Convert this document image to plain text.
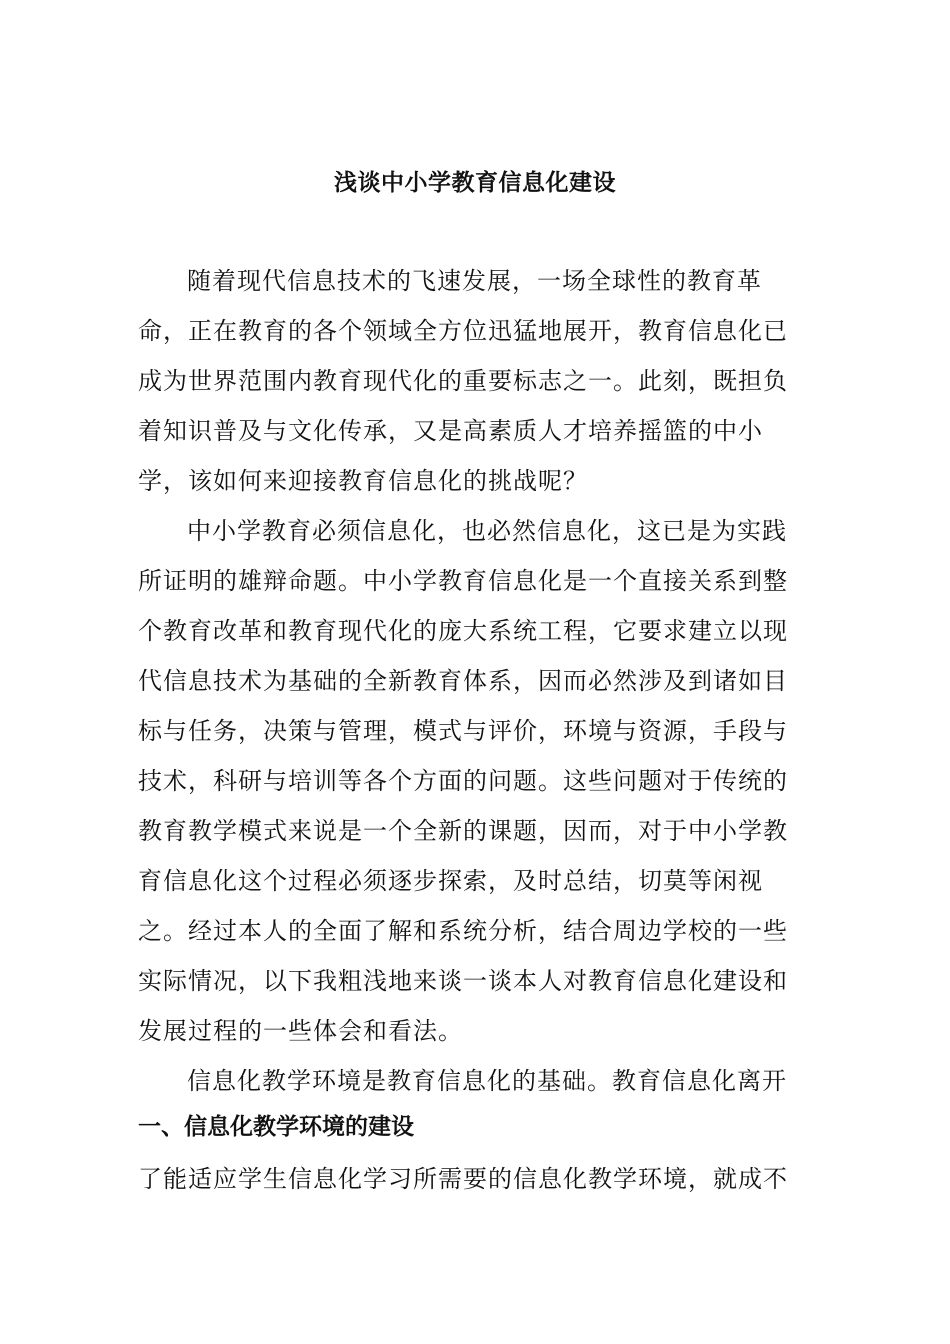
浅谈中小学教育信息化建设
随着现代信息技术的飞速发展，一场全球性的教育革
命，正在教育的各个领域全方位迅猛地展开，教育信息化已
成为世界范围内教育现代化的重要标志之一。此刻，既担负
着知识普及与文化传承，又是高素质人才培养摇篮的中小
学，该如何来迎接教育信息化的挑战呢？
中小学教育必须信息化，也必然信息化，这已是为实践
所证明的雄辩命题。中小学教育信息化是一个直接关系到整
个教育改革和教育现代化的庞大系统工程，它要求建立以现
代信息技术为基础的全新教育体系，因而必然涉及到诸如目
标与任务，决策与管理，模式与评价，环境与资源，手段与
技术，科研与培训等各个方面的问题。这些问题对于传统的
教育教学模式来说是一个全新的课题，因而，对于中小学教
育信息化这个过程必须逐步探索，及时总结，切莫等闲视
之。经过本人的全面了解和系统分析，结合周边学校的一些
实际情况，以下我粗浅地来谈一谈本人对教育信息化建设和
发展过程的一些体会和看法。
信息化教学环境是教育信息化的基础。教育信息化离开
一、信息化教学环境的建设
了能适应学生信息化学习所需要的信息化教学环境，就成不
